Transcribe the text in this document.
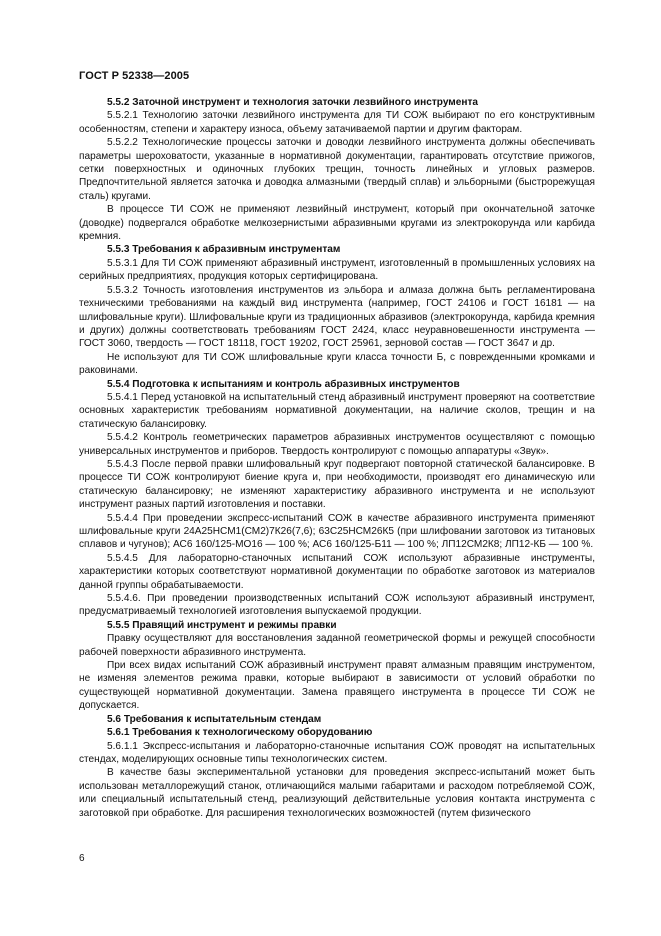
ГОСТ Р 52338—2005

5.5.2 Заточной инструмент и технология заточки лезвийного инструмента

5.5.2.1 Технологию заточки лезвийного инструмента для ТИ СОЖ выбирают по его конструктивным особенностям, степени и характеру износа, объему затачиваемой партии и другим факторам.

5.5.2.2 Технологические процессы заточки и доводки лезвийного инструмента должны обеспечивать параметры шероховатости, указанные в нормативной документации, гарантировать отсутствие прижогов, сетки поверхностных и одиночных глубоких трещин, точность линейных и угловых размеров. Предпочтительной является заточка и доводка алмазными (твердый сплав) и эльборными (быстрорежущая сталь) кругами.

В процессе ТИ СОЖ не применяют лезвийный инструмент, который при окончательной заточке (доводке) подвергался обработке мелкозернистыми абразивными кругами из электрокорунда или карбида кремния.

5.5.3 Требования к абразивным инструментам

5.5.3.1 Для ТИ СОЖ применяют абразивный инструмент, изготовленный в промышленных условиях на серийных предприятиях, продукция которых сертифицирована.

5.5.3.2 Точность изготовления инструментов из эльбора и алмаза должна быть регламентирована техническими требованиями на каждый вид инструмента (например, ГОСТ 24106 и ГОСТ 16181 — на шлифовальные круги). Шлифовальные круги из традиционных абразивов (электрокорунда, карбида кремния и других) должны соответствовать требованиям ГОСТ 2424, класс неуравновешенности инструмента — ГОСТ 3060, твердость — ГОСТ 18118, ГОСТ 19202, ГОСТ 25961, зерновой состав — ГОСТ 3647 и др.

Не используют для ТИ СОЖ шлифовальные круги класса точности Б, с поврежденными кромками и раковинами.

5.5.4 Подготовка к испытаниям и контроль абразивных инструментов

5.5.4.1 Перед установкой на испытательный стенд абразивный инструмент проверяют на соответствие основных характеристик требованиям нормативной документации, на наличие сколов, трещин и на статическую балансировку.

5.5.4.2 Контроль геометрических параметров абразивных инструментов осуществляют с помощью универсальных инструментов и приборов. Твердость контролируют с помощью аппаратуры «Звук».

5.5.4.3 После первой правки шлифовальный круг подвергают повторной статической балансировке. В процессе ТИ СОЖ контролируют биение круга и, при необходимости, производят его динамическую или статическую балансировку; не изменяют характеристику абразивного инструмента и не используют инструмент разных партий изготовления и поставки.

5.5.4.4 При проведении экспресс-испытаний СОЖ в качестве абразивного инструмента применяют шлифовальные круги 24А25НСМ1(СМ2)7К26(7,6); 63С25НСМ26К5 (при шлифовании заготовок из титановых сплавов и чугунов); АС6 160/125-МО16 — 100 %; АС6 160/125-Б11 — 100 %; ЛП12СМ2К8; ЛП12-КБ — 100 %.

5.5.4.5 Для лабораторно-станочных испытаний СОЖ используют абразивные инструменты, характеристики которых соответствуют нормативной документации по обработке заготовок из материалов данной группы обрабатываемости.

5.5.4.6. При проведении производственных испытаний СОЖ используют абразивный инструмент, предусматриваемый технологией изготовления выпускаемой продукции.

5.5.5 Правящий инструмент и режимы правки

Правку осуществляют для восстановления заданной геометрической формы и режущей способности рабочей поверхности абразивного инструмента.

При всех видах испытаний СОЖ абразивный инструмент правят алмазным правящим инструментом, не изменяя элементов режима правки, которые выбирают в зависимости от условий обработки по существующей нормативной документации. Замена правящего инструмента в процессе ТИ СОЖ не допускается.

5.6 Требования к испытательным стендам

5.6.1 Требования к технологическому оборудованию

5.6.1.1 Экспресс-испытания и лабораторно-станочные испытания СОЖ проводят на испытательных стендах, моделирующих основные типы технологических систем.

В качестве базы экспериментальной установки для проведения экспресс-испытаний может быть использован металлорежущий станок, отличающийся малыми габаритами и расходом потребляемой СОЖ, или специальный испытательный стенд, реализующий действительные условия контакта инструмента с заготовкой при обработке. Для расширения технологических возможностей (путем физического

6
